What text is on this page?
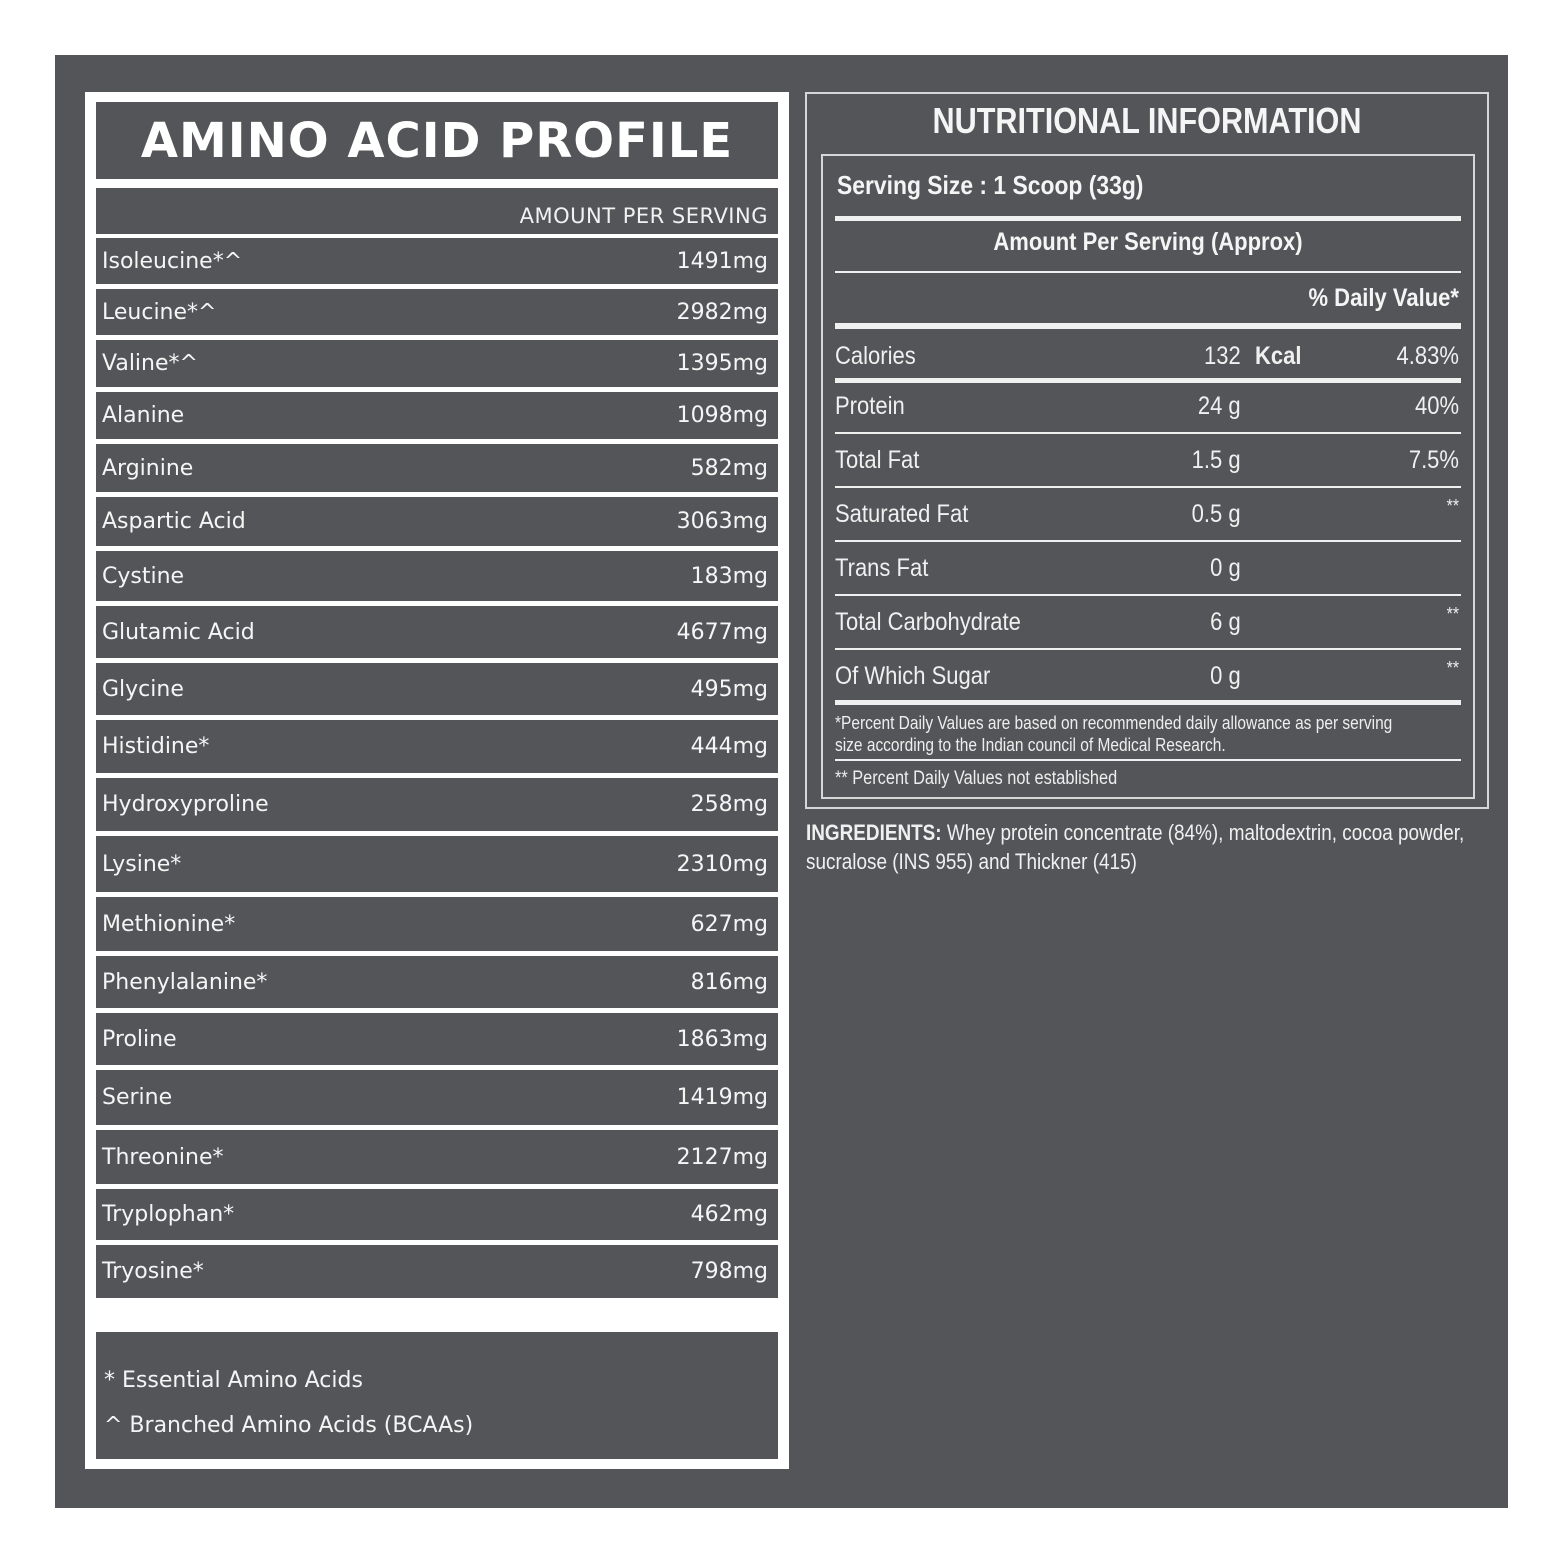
AMINO ACID PROFILE
AMOUNT PER SERVING
Isoleucine*^	1491mg
Leucine*^	2982mg
Valine*^	1395mg
Alanine	1098mg
Arginine	582mg
Aspartic Acid	3063mg
Cystine	183mg
Glutamic Acid	4677mg
Glycine	495mg
Histidine*	444mg
Hydroxyproline	258mg
Lysine*	2310mg
Methionine*	627mg
Phenylalanine*	816mg
Proline	1863mg
Serine	1419mg
Threonine*	2127mg
Tryplophan*	462mg
Tryosine*	798mg
* Essential Amino Acids
^ Branched Amino Acids (BCAAs)
NUTRITIONAL INFORMATION
Serving Size : 1 Scoop (33g)
Amount Per Serving (Approx)
% Daily Value*
*Percent Daily Values are based on recommended daily allowance as per serving size according to the Indian council of Medical Research.
** Percent Daily Values not established
Calories	132 Kcal	4.83%
Protein	24 g	40%
Total Fat	1.5 g	7.5%
Saturated Fat	0.5 g	**
Trans Fat	0 g
Total Carbohydrate	6 g	**
Of Which Sugar	0 g	**
INGREDIENTS: Whey protein concentrate (84%), maltodextrin, cocoa powder, sucralose (INS 955) and Thickner (415)
